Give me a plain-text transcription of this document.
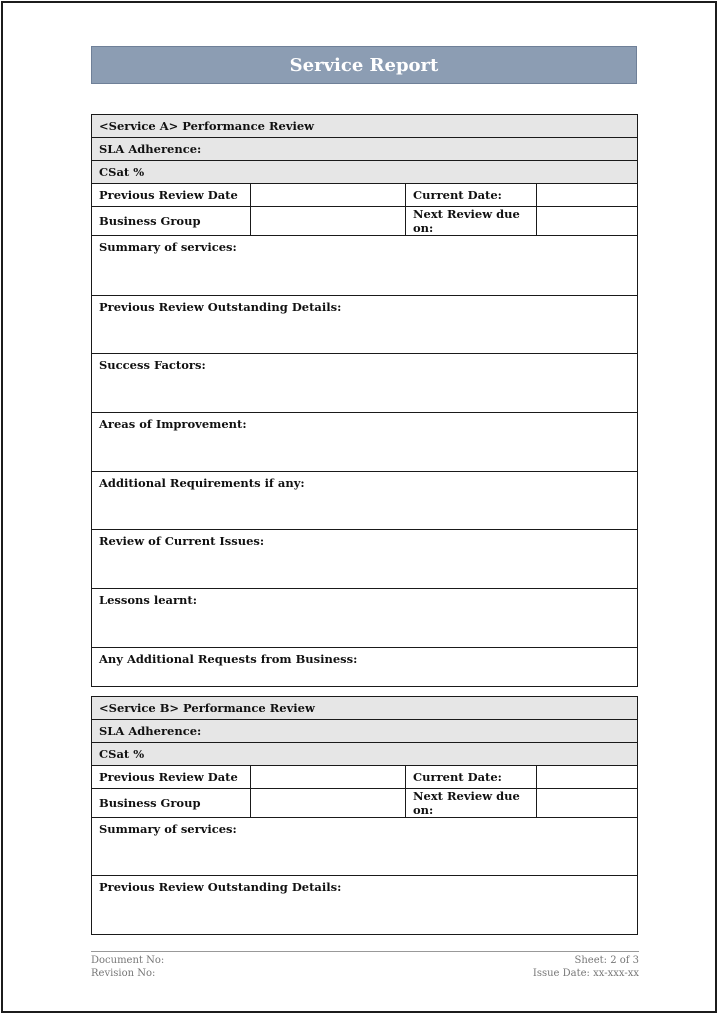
Service Report
<Service A> Performance Review			
SLA Adherence:			
CSat %			
Previous Review Date		Current Date:	
Business Group		Next Review due on:	
Summary of services:			
Previous Review Outstanding Details:			
Success Factors:			
Areas of Improvement:			
Additional Requirements if any:			
Review of Current Issues:			
Lessons learnt:			
Any Additional Requests from Business:			
<Service B> Performance Review			
SLA Adherence:			
CSat %			
Previous Review Date		Current Date:	
Business Group		Next Review due on:	
Summary of services:			
Previous Review Outstanding Details:			
Document No:	Sheet: 2 of 3
Revision No:	Issue Date: xx-xxx-xx
